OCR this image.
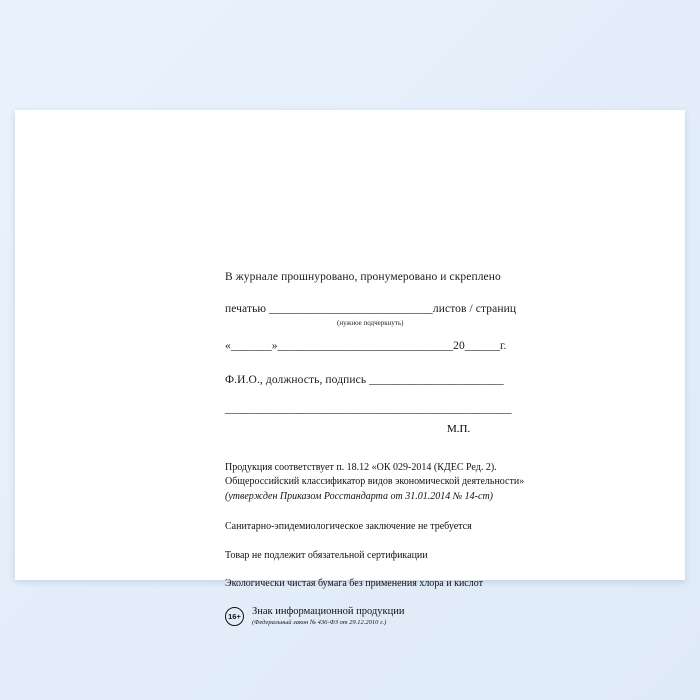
В журнале прошнуровано, пронумеровано и скреплено
печатью ____________________________листов / страниц
(нужное подчеркнуть)
«_______»______________________________20______г.
Ф.И.О., должность, подпись _______________________
_________________________________________________
М.П.
Продукция соответствует п. 18.12 «ОК 029-2014 (КДЕС Ред. 2).
Общероссийский классификатор видов экономической деятельности»
(утвержден Приказом Росстандарта от 31.01.2014 № 14-ст)
Санитарно-эпидемиологическое заключение не требуется
Товар не подлежит обязательной сертификации
Экологически чистая бумага без применения хлора и кислот
16+ Знак информационной продукции
(Федеральный закон № 436-ФЗ от 29.12.2010 г.)
